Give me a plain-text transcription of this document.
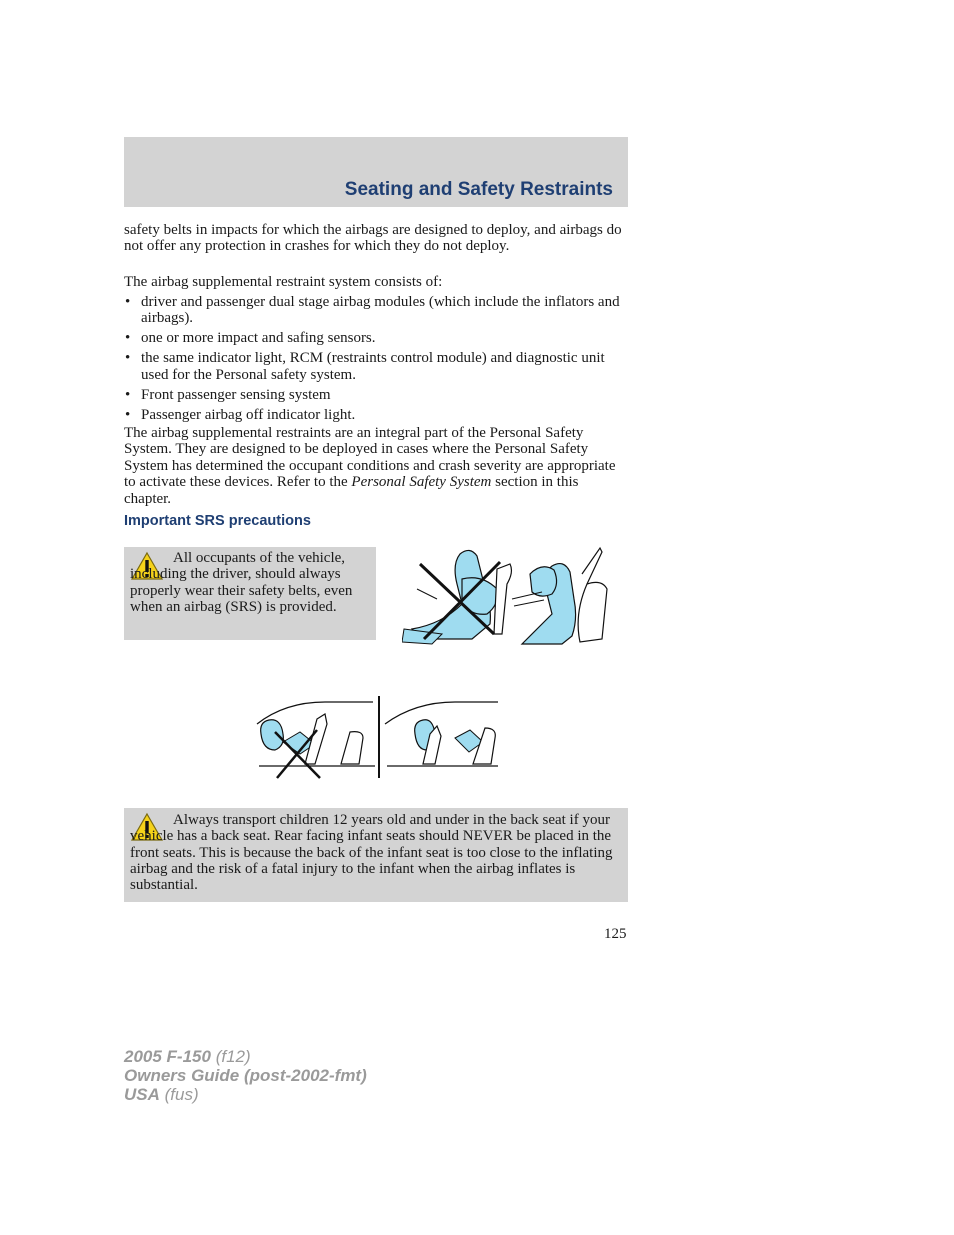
Seating and Safety Restraints

safety belts in impacts for which the airbags are designed to deploy, and airbags do not offer any protection in crashes for which they do not deploy.

The airbag supplemental restraint system consists of:

• driver and passenger dual stage airbag modules (which include the inflators and airbags).
• one or more impact and safing sensors.
• the same indicator light, RCM (restraints control module) and diagnostic unit used for the Personal safety system.
• Front passenger sensing system
• Passenger airbag off indicator light.

The airbag supplemental restraints are an integral part of the Personal Safety System. They are designed to be deployed in cases where the Personal Safety System has determined the occupant conditions and crash severity are appropriate to activate these devices. Refer to the Personal Safety System section in this chapter.

Important SRS precautions

All occupants of the vehicle, including the driver, should always properly wear their safety belts, even when an airbag (SRS) is provided.

Always transport children 12 years old and under in the back seat if your vehicle has a back seat. Rear facing infant seats should NEVER be placed in the front seats. This is because the back of the infant seat is too close to the inflating airbag and the risk of a fatal injury to the infant when the airbag inflates is substantial.

125
2005 F-150 (f12)
Owners Guide (post-2002-fmt)
USA (fus)
